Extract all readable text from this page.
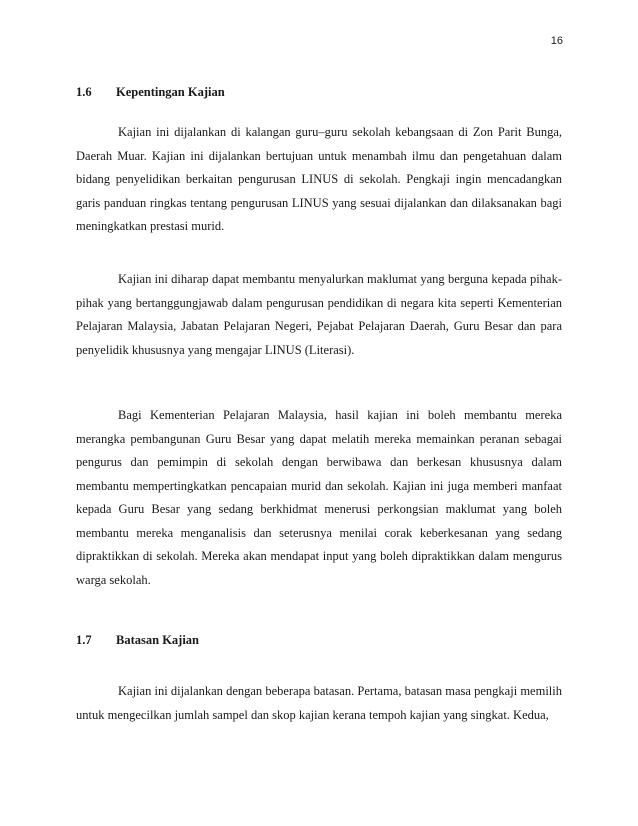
16
1.6 Kepentingan Kajian

Kajian ini dijalankan di kalangan guru–guru sekolah kebangsaan di Zon Parit Bunga, Daerah Muar. Kajian ini dijalankan bertujuan untuk menambah ilmu dan pengetahuan dalam bidang penyelidikan berkaitan pengurusan LINUS di sekolah. Pengkaji ingin mencadangkan garis panduan ringkas tentang pengurusan LINUS yang sesuai dijalankan dan dilaksanakan bagi meningkatkan prestasi murid.

Kajian ini diharap dapat membantu menyalurkan maklumat yang berguna kepada pihak-pihak yang bertanggungjawab dalam pengurusan pendidikan di negara kita seperti Kementerian Pelajaran Malaysia, Jabatan Pelajaran Negeri, Pejabat Pelajaran Daerah, Guru Besar dan para penyelidik khususnya yang mengajar LINUS (Literasi).

Bagi Kementerian Pelajaran Malaysia, hasil kajian ini boleh membantu mereka merangka pembangunan Guru Besar yang dapat melatih mereka memainkan peranan sebagai pengurus dan pemimpin di sekolah dengan berwibawa dan berkesan khususnya dalam membantu mempertingkatkan pencapaian murid dan sekolah. Kajian ini juga memberi manfaat kepada Guru Besar yang sedang berkhidmat menerusi perkongsian maklumat yang boleh membantu mereka menganalisis dan seterusnya menilai corak keberkesanan yang sedang dipraktikkan di sekolah. Mereka akan mendapat input yang boleh dipraktikkan dalam mengurus warga sekolah.

1.7 Batasan Kajian

Kajian ini dijalankan dengan beberapa batasan. Pertama, batasan masa pengkaji memilih untuk mengecilkan jumlah sampel dan skop kajian kerana tempoh kajian yang singkat. Kedua,
